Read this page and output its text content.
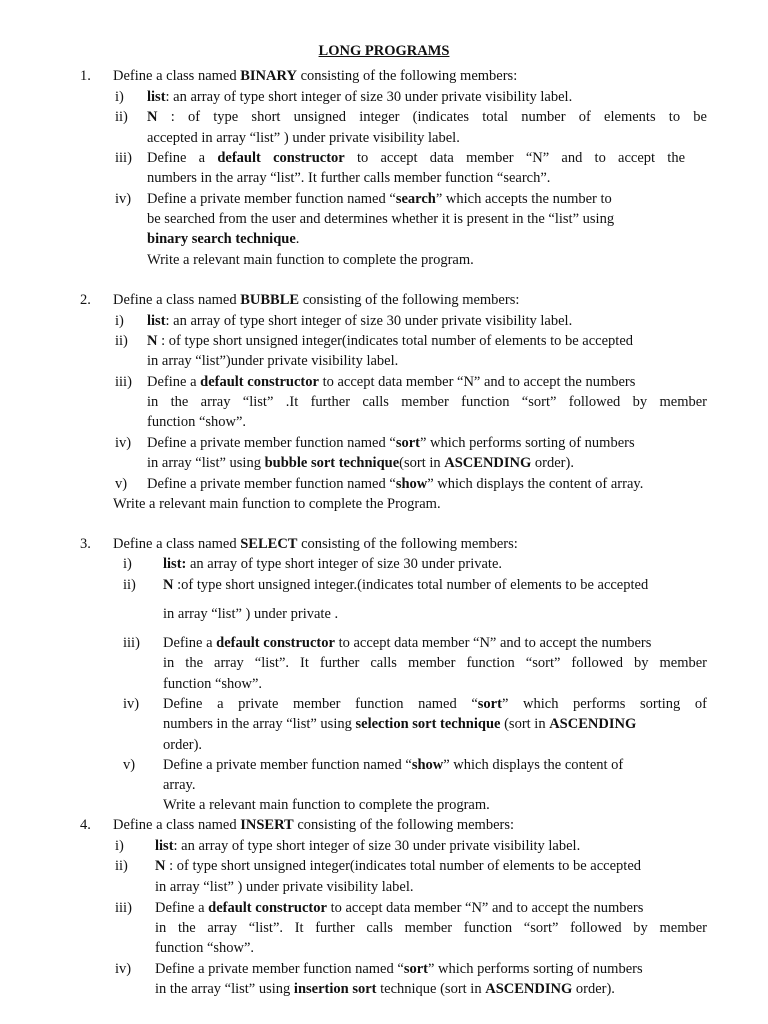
LONG PROGRAMS
1. Define a class named BINARY consisting of the following members:
i) list: an array of type short integer of size 30 under private visibility label.
ii) N : of type short unsigned integer (indicates total number of elements to be
accepted in array “list” ) under private visibility label.
iii) Define a default constructor to accept data member “N” and to accept the
numbers in the array “list”. It further calls member function “search”.
iv) Define a private member function named “search” which accepts the number to
be searched from the user and determines whether it is present in the “list” using
binary search technique.
Write a relevant main function to complete the program.
2. Define a class named BUBBLE consisting of the following members:
i) list: an array of type short integer of size 30 under private visibility label.
ii) N : of type short unsigned integer(indicates total number of elements to be accepted
in array “list”)under private visibility label.
iii) Define a default constructor to accept data member “N” and to accept the numbers
in the array “list” .It further calls member function “sort” followed by member
function “show”.
iv) Define a private member function named “sort” which performs sorting of numbers
in array “list” using bubble sort technique(sort in ASCENDING order).
v) Define a private member function named “show” which displays the content of array.
Write a relevant main function to complete the Program.
3. Define a class named SELECT consisting of the following members:
i) list: an array of type short integer of size 30 under private.
ii) N :of type short unsigned integer.(indicates total number of elements to be accepted
in array “list” ) under private .
iii) Define a default constructor to accept data member “N” and to accept the numbers
in the array “list”. It further calls member function “sort” followed by member
function “show”.
iv) Define a private member function named “sort” which performs sorting of
numbers in the array “list” using selection sort technique (sort in ASCENDING
order).
v) Define a private member function named “show” which displays the content of
array.
Write a relevant main function to complete the program.
4. Define a class named INSERT consisting of the following members:
i) list: an array of type short integer of size 30 under private visibility label.
ii) N : of type short unsigned integer(indicates total number of elements to be accepted
in array “list” ) under private visibility label.
iii) Define a default constructor to accept data member “N” and to accept the numbers
in the array “list”. It further calls member function “sort” followed by member
function “show”.
iv) Define a private member function named “sort” which performs sorting of numbers
in the array “list” using insertion sort technique (sort in ASCENDING order).
